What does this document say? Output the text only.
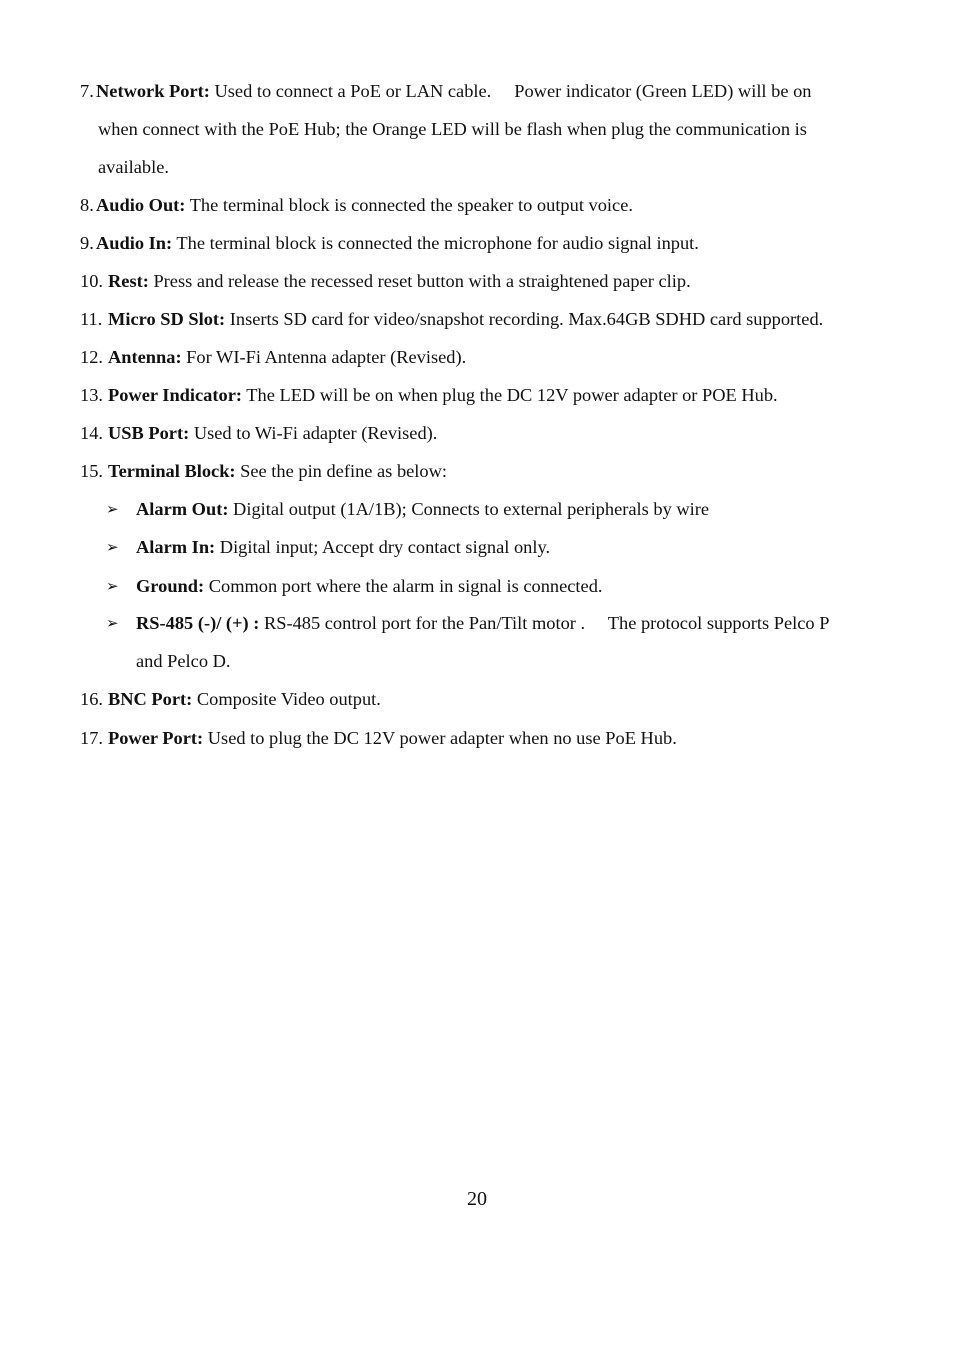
7. Network Port: Used to connect a PoE or LAN cable.  Power indicator (Green LED) will be on
when connect with the PoE Hub; the Orange LED will be flash when plug the communication is
available.
8. Audio Out: The terminal block is connected the speaker to output voice.
9. Audio In: The terminal block is connected the microphone for audio signal input.
10. Rest: Press and release the recessed reset button with a straightened paper clip.
11. Micro SD Slot: Inserts SD card for video/snapshot recording. Max.64GB SDHD card supported.
12. Antenna: For WI-Fi Antenna adapter (Revised).
13. Power Indicator: The LED will be on when plug the DC 12V power adapter or POE Hub.
14. USB Port: Used to Wi-Fi adapter (Revised).
15. Terminal Block: See the pin define as below:
➢ Alarm Out: Digital output (1A/1B); Connects to external peripherals by wire
➢ Alarm In: Digital input; Accept dry contact signal only.
➢ Ground: Common port where the alarm in signal is connected.
➢ RS-485 (-)/ (+) : RS-485 control port for the Pan/Tilt motor .  The protocol supports Pelco P
and Pelco D.
16. BNC Port: Composite Video output.
17. Power Port: Used to plug the DC 12V power adapter when no use PoE Hub.
20
